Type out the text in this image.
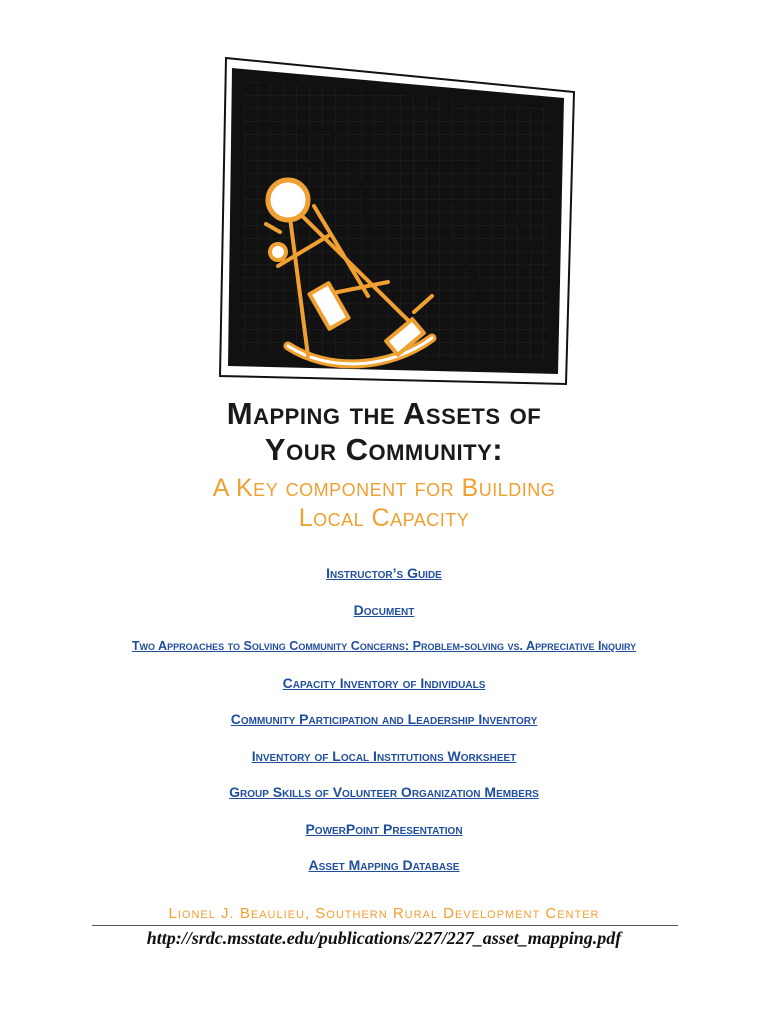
Mapping the Assets of
Your Community:
A Key component for Building
Local Capacity
Instructor’s Guide
Document
Two Approaches to Solving Community Concerns: Problem-solving vs. Appreciative Inquiry
Capacity Inventory of Individuals
Community Participation and Leadership Inventory
Inventory of Local Institutions Worksheet
Group Skills of Volunteer Organization Members
PowerPoint Presentation
Asset Mapping Database
Lionel J. Beaulieu, Southern Rural Development Center
http://srdc.msstate.edu/publications/227/227_asset_mapping.pdf
